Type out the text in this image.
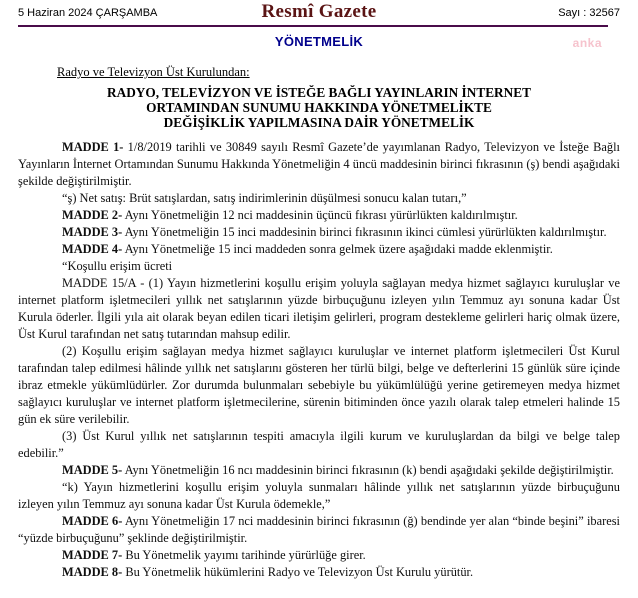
5 Haziran 2024 ÇARŞAMBA	Resmî Gazete	Sayı : 32567
YÖNETMELİK	anka
Radyo ve Televizyon Üst Kurulundan:
RADYO, TELEVİZYON VE İSTEĞE BAĞLI YAYINLARIN İNTERNET
ORTAMINDAN SUNUMU HAKKINDA YÖNETMELİKTE
DEĞİŞİKLİK YAPILMASINA DAİR YÖNETMELİK

MADDE 1- 1/8/2019 tarihli ve 30849 sayılı Resmî Gazete’de yayımlanan Radyo, Televizyon ve İsteğe Bağlı Yayınların İnternet Ortamından Sunumu Hakkında Yönetmeliğin 4 üncü maddesinin birinci fıkrasının (ş) bendi aşağıdaki şekilde değiştirilmiştir.

“ş) Net satış: Brüt satışlardan, satış indirimlerinin düşülmesi sonucu kalan tutarı,”

MADDE 2- Aynı Yönetmeliğin 12 nci maddesinin üçüncü fıkrası yürürlükten kaldırılmıştır.

MADDE 3- Aynı Yönetmeliğin 15 inci maddesinin birinci fıkrasının ikinci cümlesi yürürlükten kaldırılmıştır.

MADDE 4- Aynı Yönetmeliğe 15 inci maddeden sonra gelmek üzere aşağıdaki madde eklenmiştir.

“Koşullu erişim ücreti

MADDE 15/A - (1) Yayın hizmetlerini koşullu erişim yoluyla sağlayan medya hizmet sağlayıcı kuruluşlar ve internet platform işletmecileri yıllık net satışlarının yüzde birbuçuğunu izleyen yılın Temmuz ayı sonuna kadar Üst Kurula öderler. İlgili yıla ait olarak beyan edilen ticari iletişim gelirleri, program destekleme gelirleri hariç olmak üzere, Üst Kurul tarafından net satış tutarından mahsup edilir.

(2) Koşullu erişim sağlayan medya hizmet sağlayıcı kuruluşlar ve internet platform işletmecileri Üst Kurul tarafından talep edilmesi hâlinde yıllık net satışlarını gösteren her türlü bilgi, belge ve defterlerini 15 günlük süre içinde ibraz etmekle yükümlüdürler. Zor durumda bulunmaları sebebiyle bu yükümlülüğü yerine getiremeyen medya hizmet sağlayıcı kuruluşlar ve internet platform işletmecilerine, sürenin bitiminden önce yazılı olarak talep etmeleri halinde 15 gün ek süre verilebilir.

(3) Üst Kurul yıllık net satışlarının tespiti amacıyla ilgili kurum ve kuruluşlardan da bilgi ve belge talep edebilir.”

MADDE 5- Aynı Yönetmeliğin 16 ncı maddesinin birinci fıkrasının (k) bendi aşağıdaki şekilde değiştirilmiştir.

“k) Yayın hizmetlerini koşullu erişim yoluyla sunmaları hâlinde yıllık net satışlarının yüzde birbuçuğunu izleyen yılın Temmuz ayı sonuna kadar Üst Kurula ödemekle,”

MADDE 6- Aynı Yönetmeliğin 17 nci maddesinin birinci fıkrasının (ğ) bendinde yer alan “binde beşini” ibaresi “yüzde birbuçuğunu” şeklinde değiştirilmiştir.

MADDE 7- Bu Yönetmelik yayımı tarihinde yürürlüğe girer.

MADDE 8- Bu Yönetmelik hükümlerini Radyo ve Televizyon Üst Kurulu yürütür.
